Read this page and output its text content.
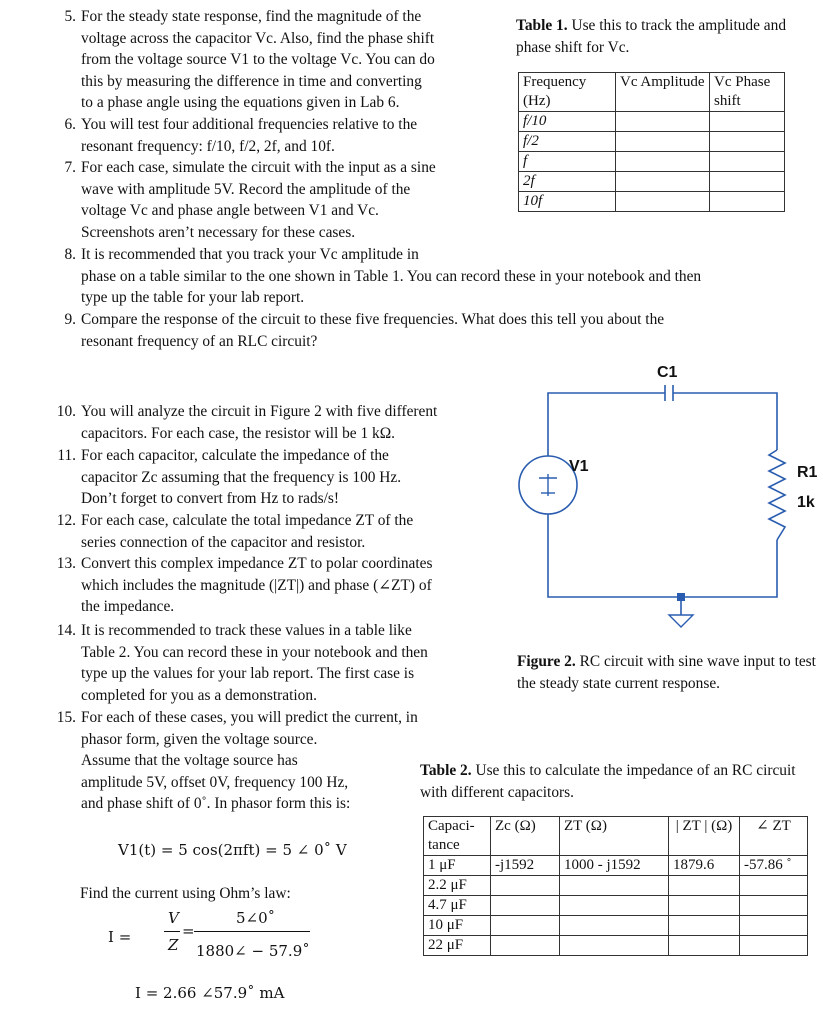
5. For the steady state response, find the magnitude of the
voltage across the capacitor Vc. Also, find the phase shift
from the voltage source V1 to the voltage Vc. You can do
this by measuring the difference in time and converting
to a phase angle using the equations given in Lab 6.
6. You will test four additional frequencies relative to the
resonant frequency: f/10, f/2, 2f, and 10f.
7. For each case, simulate the circuit with the input as a sine
wave with amplitude 5V. Record the amplitude of the
voltage Vc and phase angle between V1 and Vc.
Screenshots aren’t necessary for these cases.
8. It is recommended that you track your Vc amplitude in
phase on a table similar to the one shown in Table 1. You can record these in your notebook and then
type up the table for your lab report.
9. Compare the response of the circuit to these five frequencies. What does this tell you about the
resonant frequency of an RLC circuit?
Table 1. Use this to track the amplitude and phase shift for Vc.
Frequency (Hz)	Vc Amplitude	Vc Phase shift
f/10		
f/2		
f		
2f		
10f		
10. You will analyze the circuit in Figure 2 with five different
capacitors. For each case, the resistor will be 1 kΩ.
11. For each capacitor, calculate the impedance of the
capacitor Zc assuming that the frequency is 100 Hz.
Don’t forget to convert from Hz to rads/s!
12. For each case, calculate the total impedance ZT of the
series connection of the capacitor and resistor.
13. Convert this complex impedance ZT to polar coordinates
which includes the magnitude (|ZT|) and phase (∠ZT) of
the impedance.
14. It is recommended to track these values in a table like
Table 2. You can record these in your notebook and then
type up the values for your lab report. The first case is
completed for you as a demonstration.
15. For each of these cases, you will predict the current, in
phasor form, given the voltage source.
Assume that the voltage source has
amplitude 5V, offset 0V, frequency 100 Hz,
and phase shift of 0˚. In phasor form this is:
V1(t) = 5 cos(2πft) = 5 ∠ 0˚ V
Find the current using Ohm’s law:
I =
V
Z
=
5∠0˚
1880∠ − 57.9˚
I = 2.66 ∠57.9˚ mA
C1
V1	R1
1k
Figure 2. RC circuit with sine wave input to test the steady state current response.
Table 2. Use this to calculate the impedance of an RC circuit with different capacitors.
Capaci-tance	Zc (Ω)	ZT (Ω)	| ZT | (Ω)	∠ ZT
1 μF	-j1592	1000 - j1592	1879.6	-57.86 ˚
2.2 μF				
4.7 μF				
10 μF				
22 μF				
